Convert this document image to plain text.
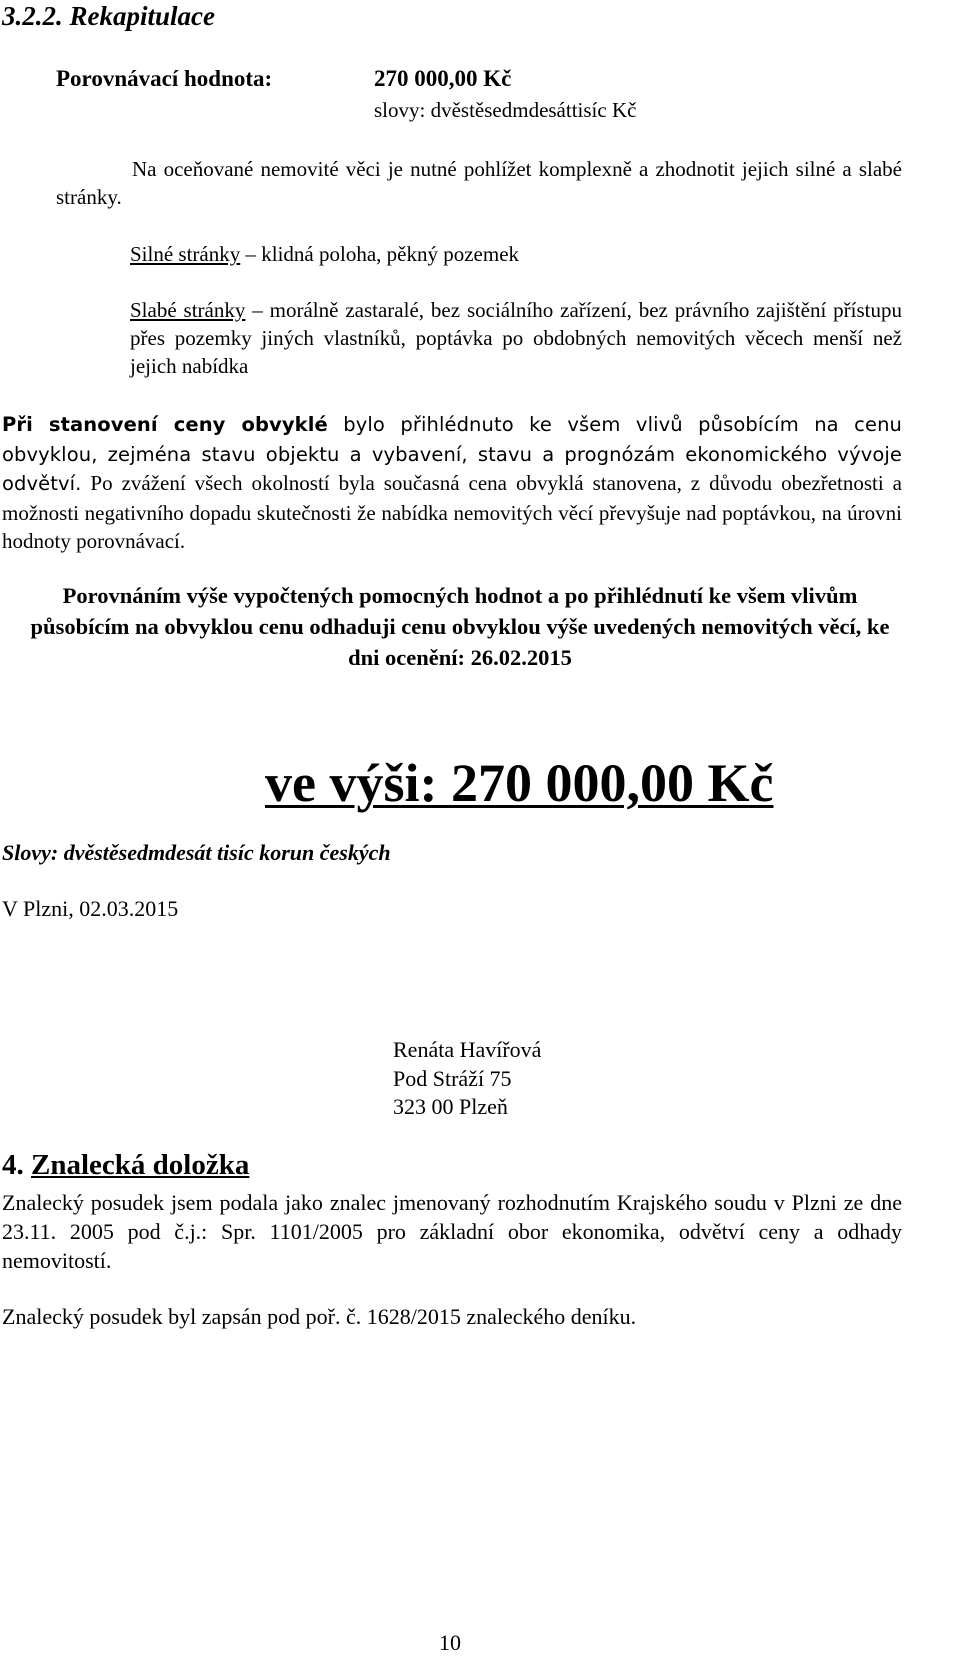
3.2.2. Rekapitulace
Porovnávací hodnota:	270 000,00 Kč
slovy: dvěstěsedmdesáttisíc Kč

Na oceňované nemovité věci je nutné pohlížet komplexně a zhodnotit jejich silné a slabé stránky.

Silné stránky – klidná poloha, pěkný pozemek

Slabé stránky – morálně zastaralé, bez sociálního zařízení, bez právního zajištění přístupu přes pozemky jiných vlastníků, poptávka po obdobných nemovitých věcech menší než jejich nabídka

Při stanovení ceny obvyklé bylo přihlédnuto ke všem vlivů působícím na cenu obvyklou, zejména stavu objektu a vybavení, stavu a prognózám ekonomického vývoje odvětví. Po zvážení všech okolností byla současná cena obvyklá stanovena, z důvodu obezřetnosti a možnosti negativního dopadu skutečnosti že nabídka nemovitých věcí převyšuje nad poptávkou, na úrovni hodnoty porovnávací.

Porovnáním výše vypočtených pomocných hodnot a po přihlédnutí ke všem vlivům působícím na obvyklou cenu odhaduji cenu obvyklou výše uvedených nemovitých věcí, ke dni ocenění: 26.02.2015

ve výši: 270 000,00 Kč
Slovy: dvěstěsedmdesát tisíc korun českých
V Plzni, 02.03.2015
Renáta Havířová
Pod Stráží 75
323 00 Plzeň
4. Znalecká doložka

Znalecký posudek jsem podala jako znalec jmenovaný rozhodnutím Krajského soudu v Plzni ze dne 23.11. 2005 pod č.j.: Spr. 1101/2005 pro základní obor ekonomika, odvětví ceny a odhady nemovitostí.

Znalecký posudek byl zapsán pod poř. č. 1628/2015 znaleckého deníku.

10
